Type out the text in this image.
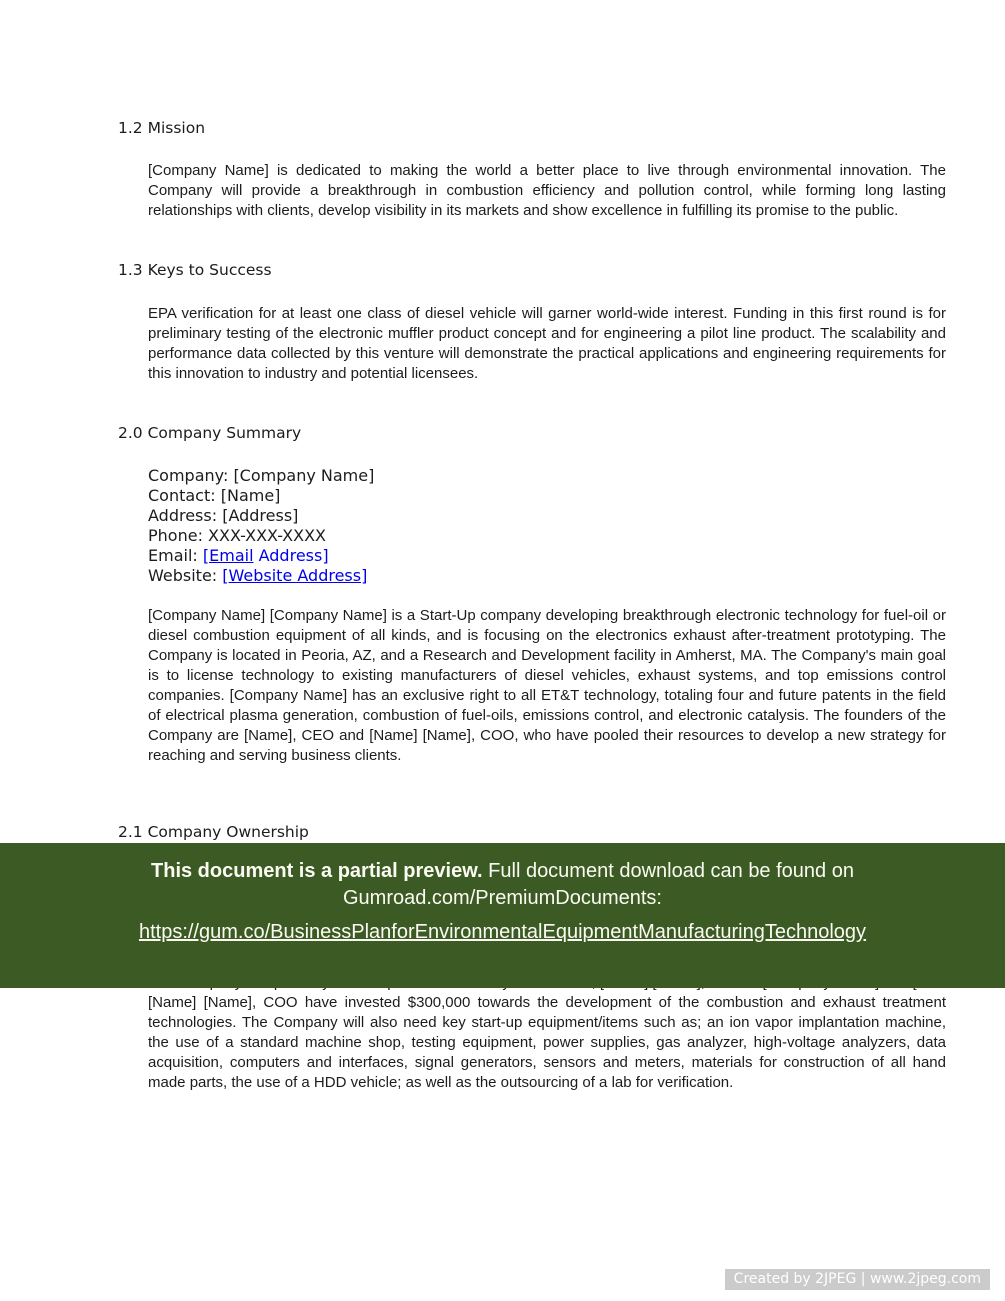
1.2 Mission
[Company Name] is dedicated to making the world a better place to live through environmental innovation. The Company will provide a breakthrough in combustion efficiency and pollution control, while forming long lasting relationships with clients, develop visibility in its markets and show excellence in fulfilling its promise to the public.
1.3 Keys to Success
EPA verification for at least one class of diesel vehicle will garner world-wide interest. Funding in this first round is for preliminary testing of the electronic muffler product concept and for engineering a pilot line product. The scalability and performance data collected by this venture will demonstrate the practical applications and engineering requirements for this innovation to industry and potential licensees.
2.0 Company Summary
Company: [Company Name]
Contact: [Name]
Address: [Address]
Phone: XXX-XXX-XXXX
Email: [Email Address]
Website: [Website Address]
[Company Name] [Company Name] is a Start-Up company developing breakthrough electronic technology for fuel-oil or diesel combustion equipment of all kinds, and is focusing on the electronics exhaust after-treatment prototyping. The Company is located in Peoria, AZ, and a Research and Development facility in Amherst, MA. The Company's main goal is to license technology to existing manufacturers of diesel vehicles, exhaust systems, and top emissions control companies. [Company Name] has an exclusive right to all ET&T technology, totaling four and future patents in the field of electrical plasma generation, combustion of fuel-oils, emissions control, and electronic catalysis. The founders of the Company are [Name], CEO and [Name] [Name], COO, who have pooled their resources to develop a new strategy for reaching and serving business clients.
2.1 Company Ownership
[Name] [Name], COO have invested $300,000 towards the development of the combustion and exhaust treatment technologies. The Company will also need key start-up equipment/items such as; an ion vapor implantation machine, the use of a standard machine shop, testing equipment, power supplies, gas analyzer, high-voltage analyzers, data acquisition, computers and interfaces, signal generators, sensors and meters, materials for construction of all hand made parts, the use of a HDD vehicle; as well as the outsourcing of a lab for verification.
This document is a partial preview. Full document download can be found on
Gumroad.com/PremiumDocuments:
https://gum.co/BusinessPlanforEnvironmentalEquipmentManufacturingTechnology
Created by 2JPEG | www.2jpeg.com
